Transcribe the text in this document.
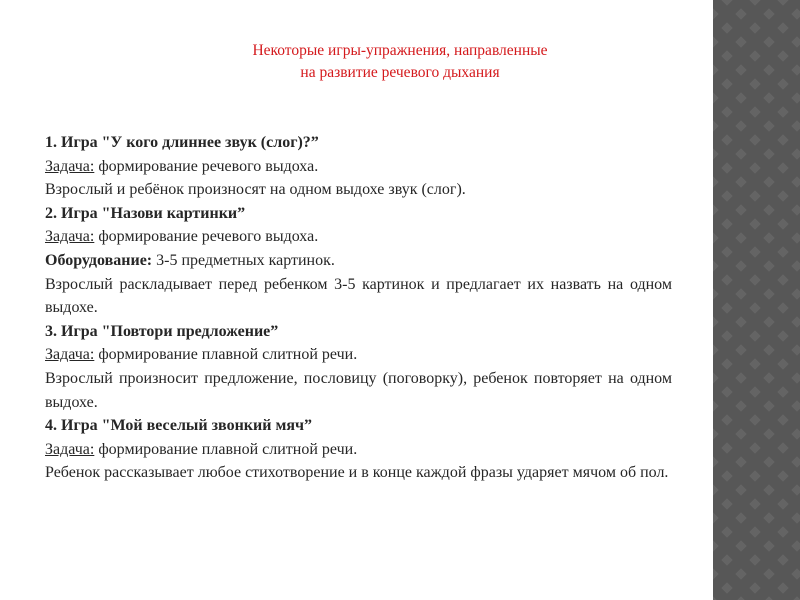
Некоторые игры-упражнения, направленные
на развитие речевого дыхания

1. Игра "У кого длиннее звук (слог)?”

Задача: формирование речевого выдоха.

Взрослый и ребёнок произносят на одном выдохе звук (слог).

2. Игра "Назови картинки”

Задача: формирование речевого выдоха.

Оборудование: 3-5 предметных картинок.

Взрослый раскладывает перед ребенком 3-5 картинок и предлагает их назвать на одном выдохе.

3. Игра "Повтори предложение”

Задача: формирование плавной слитной речи.

Взрослый произносит предложение, пословицу (поговорку), ребенок повторяет на одном выдохе.

4. Игра "Мой веселый звонкий мяч”

Задача: формирование плавной слитной речи.

Ребенок рассказывает любое стихотворение и в конце каждой фразы ударяет мячом об пол.
